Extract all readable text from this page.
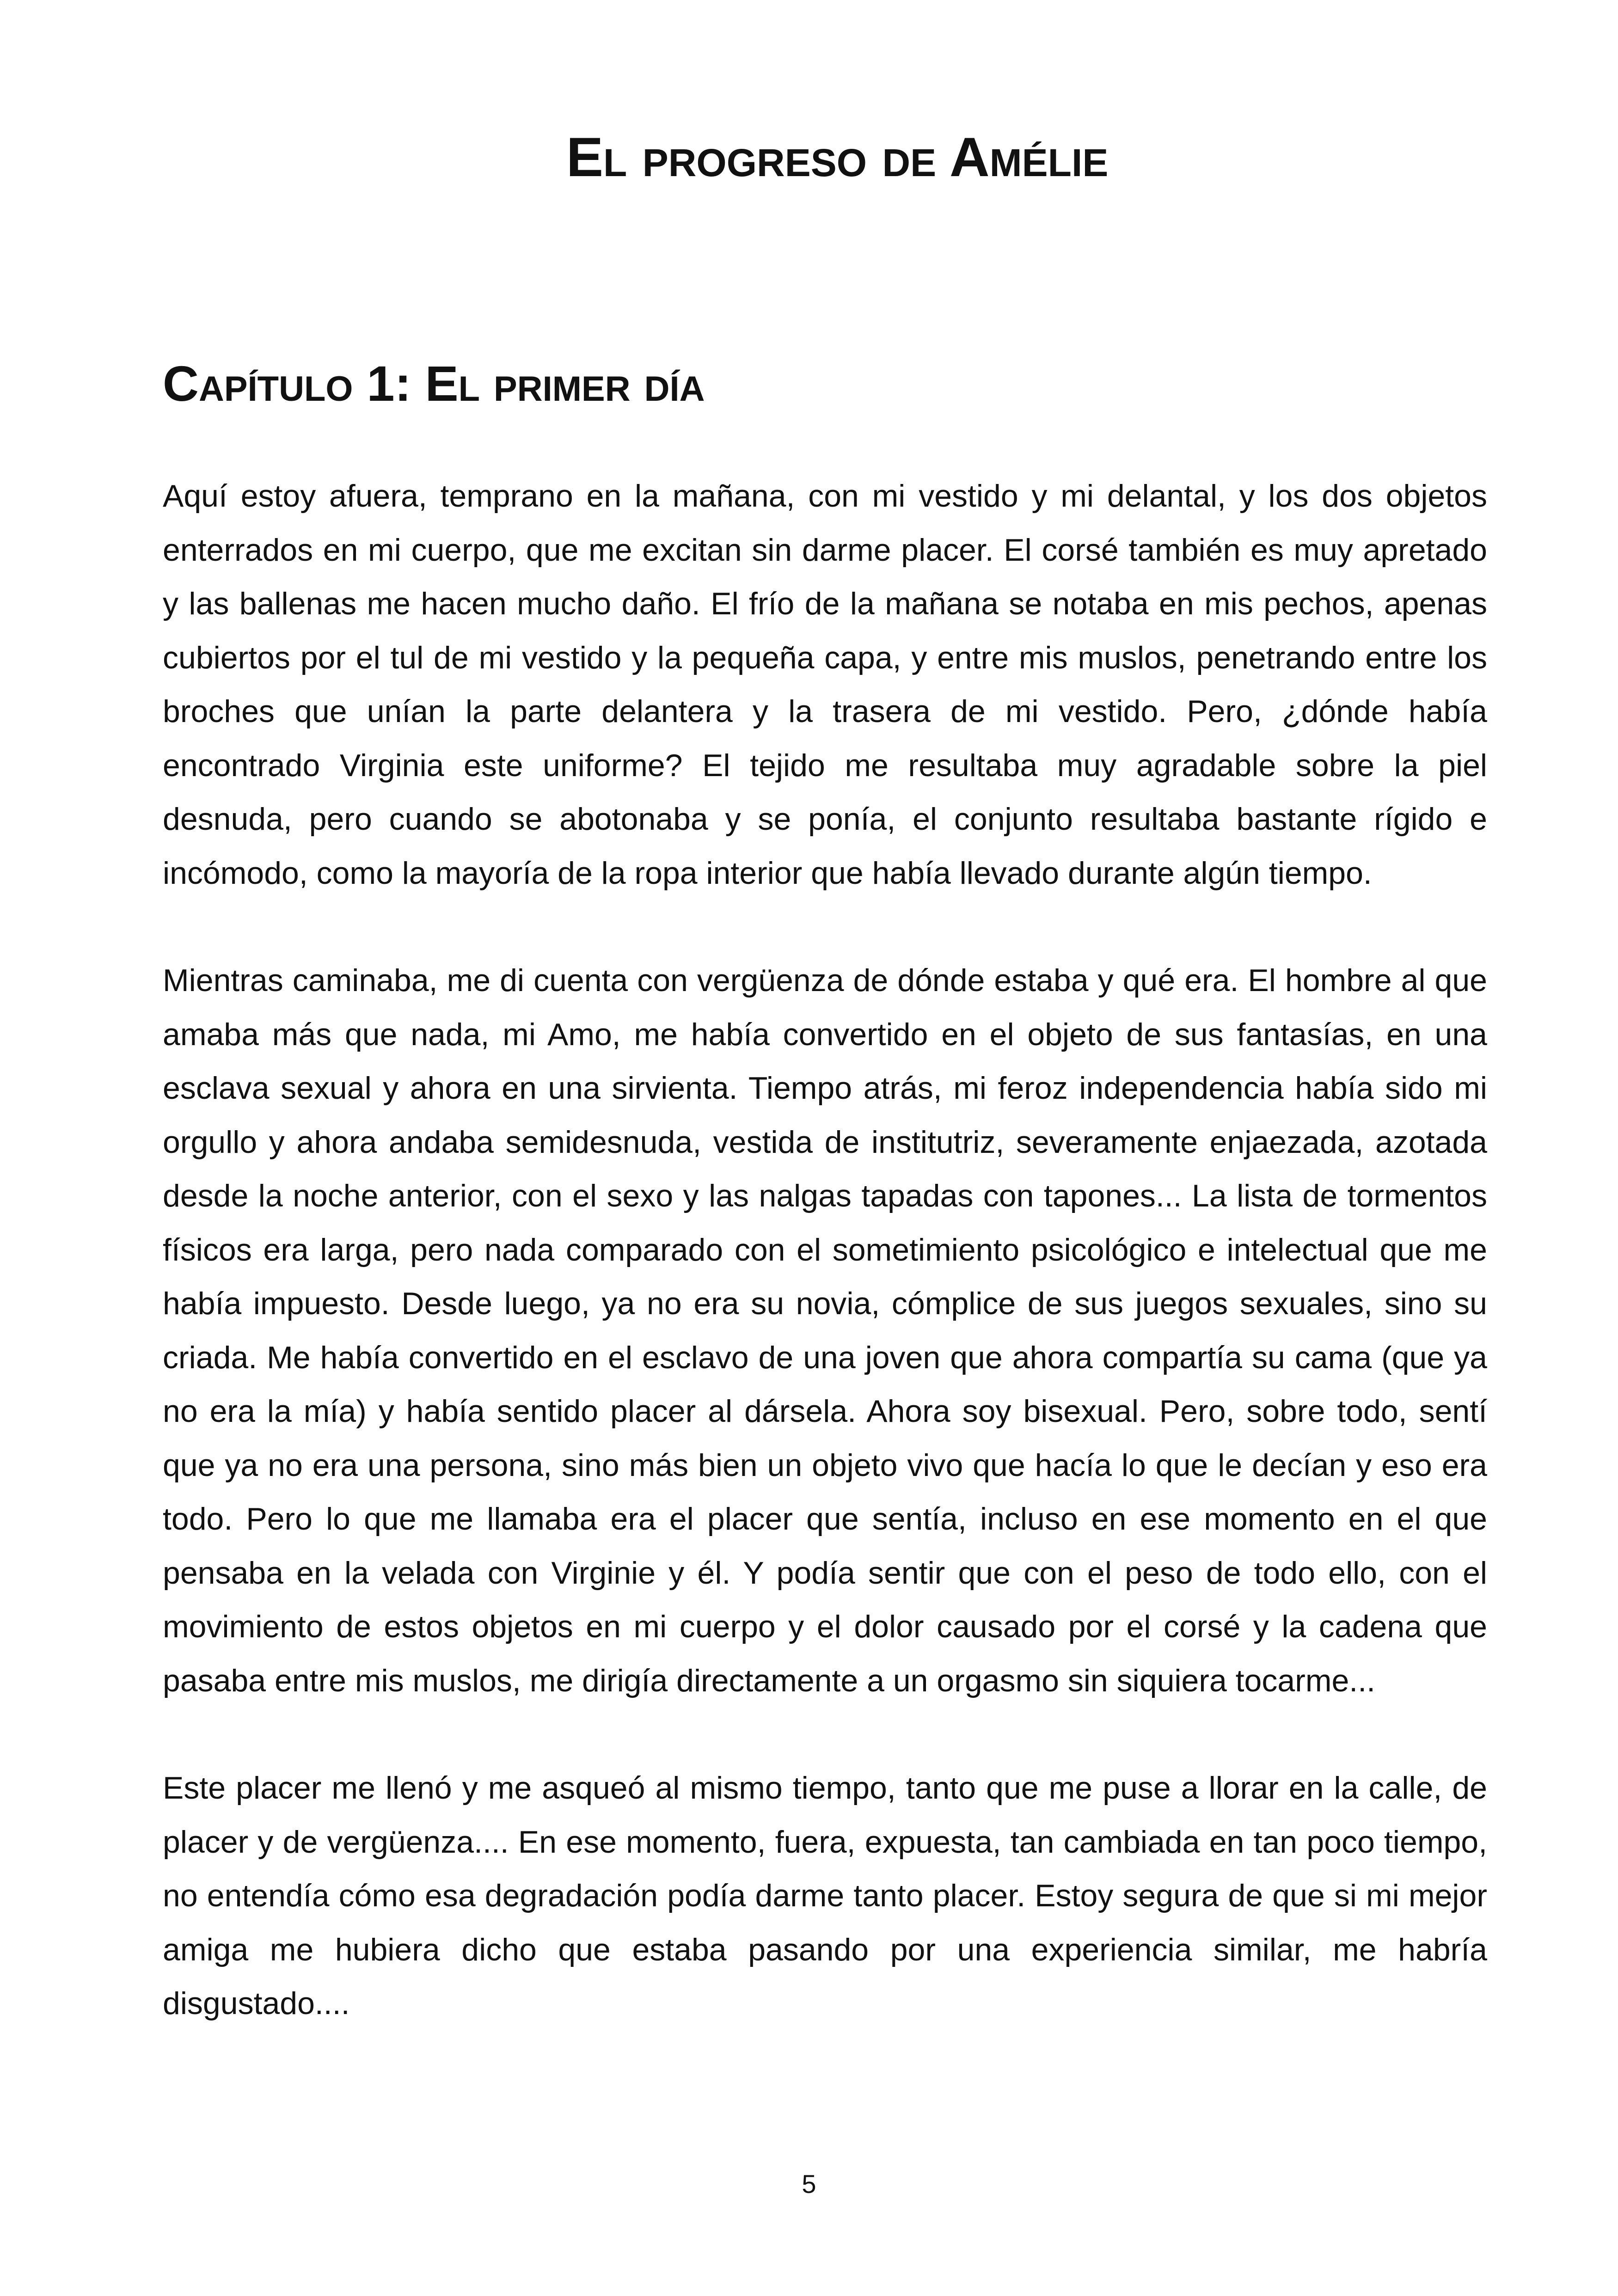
El progreso de Amélie
Capítulo 1: El primer día

Aquí estoy afuera, temprano en la mañana, con mi vestido y mi delantal, y los dos objetos enterrados en mi cuerpo, que me excitan sin darme placer. El corsé también es muy apretado y las ballenas me hacen mucho daño. El frío de la mañana se notaba en mis pechos, apenas cubiertos por el tul de mi vestido y la pequeña capa, y entre mis muslos, penetrando entre los broches que unían la parte delantera y la trasera de mi vestido. Pero, ¿dónde había encontrado Virginia este uniforme? El tejido me resultaba muy agradable sobre la piel desnuda, pero cuando se abotonaba y se ponía, el conjunto resultaba bastante rígido e incómodo, como la mayoría de la ropa interior que había llevado durante algún tiempo.

Mientras caminaba, me di cuenta con vergüenza de dónde estaba y qué era. El hombre al que amaba más que nada, mi Amo, me había convertido en el objeto de sus fantasías, en una esclava sexual y ahora en una sirvienta. Tiempo atrás, mi feroz independencia había sido mi orgullo y ahora andaba semidesnuda, vestida de institutriz, severamente enjaezada, azotada desde la noche anterior, con el sexo y las nalgas tapadas con tapones... La lista de tormentos físicos era larga, pero nada comparado con el sometimiento psicológico e intelectual que me había impuesto. Desde luego, ya no era su novia, cómplice de sus juegos sexuales, sino su criada. Me había convertido en el esclavo de una joven que ahora compartía su cama (que ya no era la mía) y había sentido placer al dársela. Ahora soy bisexual. Pero, sobre todo, sentí que ya no era una persona, sino más bien un objeto vivo que hacía lo que le decían y eso era todo. Pero lo que me llamaba era el placer que sentía, incluso en ese momento en el que pensaba en la velada con Virginie y él. Y podía sentir que con el peso de todo ello, con el movimiento de estos objetos en mi cuerpo y el dolor causado por el corsé y la cadena que pasaba entre mis muslos, me dirigía directamente a un orgasmo sin siquiera tocarme...

Este placer me llenó y me asqueó al mismo tiempo, tanto que me puse a llorar en la calle, de placer y de vergüenza.... En ese momento, fuera, expuesta, tan cambiada en tan poco tiempo, no entendía cómo esa degradación podía darme tanto placer. Estoy segura de que si mi mejor amiga me hubiera dicho que estaba pasando por una experiencia similar, me habría disgustado....

5
